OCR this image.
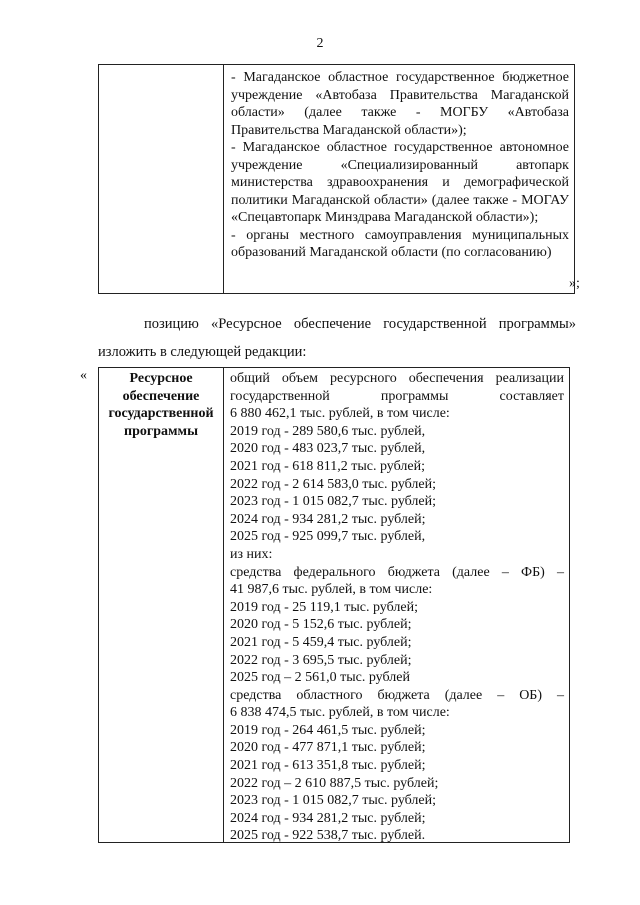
2

- Магаданское областное государственное бюджетное учреждение «Автобаза Правительства Магаданской области» (далее также - МОГБУ «Автобаза Правительства Магаданской области»);

- Магаданское областное государственное автономное учреждение «Специализированный автопарк министерства здравоохранения и демографической политики Магаданской области» (далее также - МОГАУ «Спецавтопарк Минздрава Магаданской области»);

- органы местного самоуправления муниципальных образований Магаданской области (по согласованию)

»;
позицию «Ресурсное обеспечение государственной программы»
изложить в следующей редакции:
«	Ресурсное обеспечение государственной программы
общий объем ресурсного обеспечения реализации
государственной программы составляет
6 880 462,1 тыс. рублей, в том числе:
2019 год - 289 580,6 тыс. рублей,
2020 год - 483 023,7 тыс. рублей,
2021 год - 618 811,2 тыс. рублей;
2022 год - 2 614 583,0 тыс. рублей;
2023 год - 1 015 082,7 тыс. рублей;
2024 год - 934 281,2 тыс. рублей;
2025 год - 925 099,7 тыс. рублей,
из них:
средства федерального бюджета (далее – ФБ) –
41 987,6 тыс. рублей, в том числе:
2019 год - 25 119,1 тыс. рублей;
2020 год - 5 152,6 тыс. рублей;
2021 год - 5 459,4 тыс. рублей;
2022 год - 3 695,5 тыс. рублей;
2025 год – 2 561,0 тыс. рублей
средства областного бюджета (далее – ОБ) –
6 838 474,5 тыс. рублей, в том числе:
2019 год - 264 461,5 тыс. рублей;
2020 год - 477 871,1 тыс. рублей;
2021 год - 613 351,8 тыс. рублей;
2022 год – 2 610 887,5 тыс. рублей;
2023 год - 1 015 082,7 тыс. рублей;
2024 год - 934 281,2 тыс. рублей;
2025 год - 922 538,7 тыс. рублей.
